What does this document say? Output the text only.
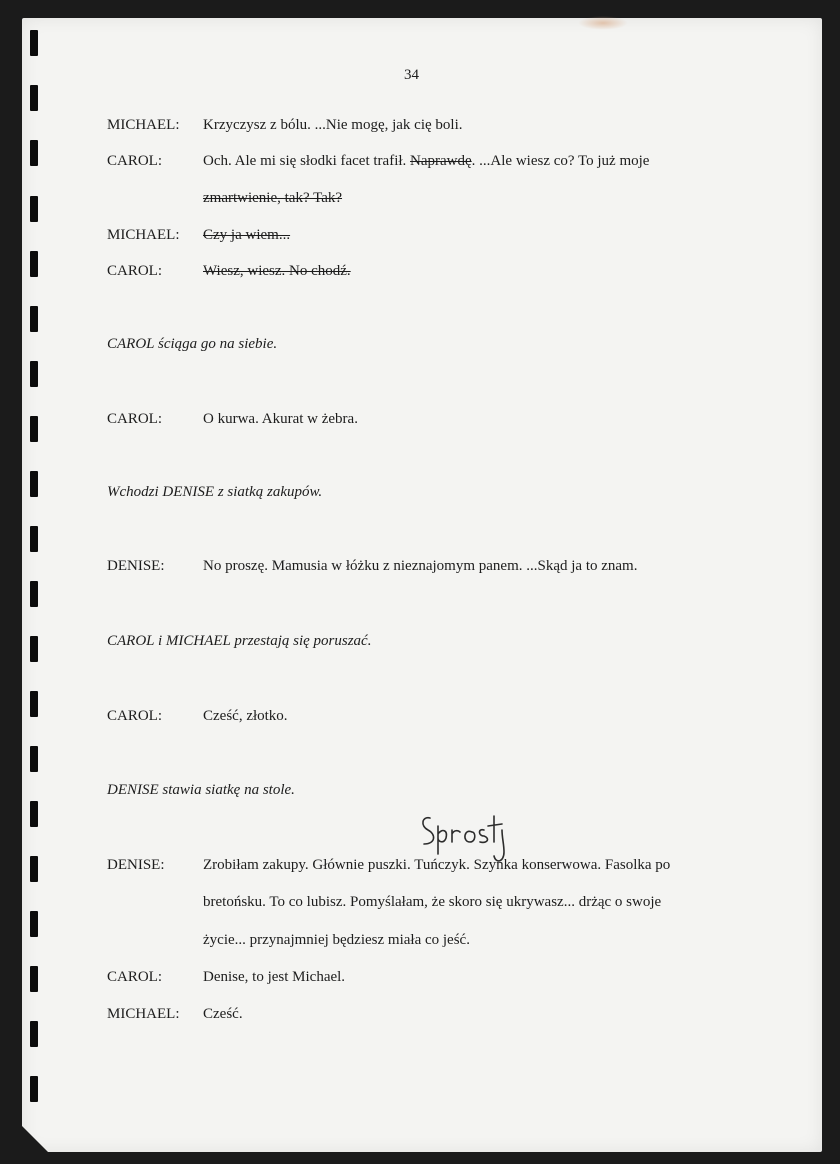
34
MICHAEL: Krzyczysz z bólu. ...Nie mogę, jak cię boli.
CAROL:	Och. Ale mi się słodki facet trafił. Naprawdę. ...Ale wiesz co? To już moje
zmartwienie, tak? Tak?
MICHAEL: Czy ja wiem...
CAROL:	Wiesz, wiesz. No chodź.
CAROL ściąga go na siebie.
CAROL:	O kurwa. Akurat w żebra.
Wchodzi DENISE z siatką zakupów.
DENISE:	No proszę. Mamusia w łóżku z nieznajomym panem. ...Skąd ja to znam.
CAROL i MICHAEL przestają się poruszać.
CAROL:	Cześć, złotko.
DENISE stawia siatkę na stole.
DENISE:	Zrobiłam zakupy. Głównie puszki. Tuńczyk. Szynka konserwowa. Fasolka po
bretońsku. To co lubisz. Pomyślałam, że skoro się ukrywasz... drżąc o swoje
życie... przynajmniej będziesz miała co jeść.
CAROL:	Denise, to jest Michael.
MICHAEL: Cześć.
